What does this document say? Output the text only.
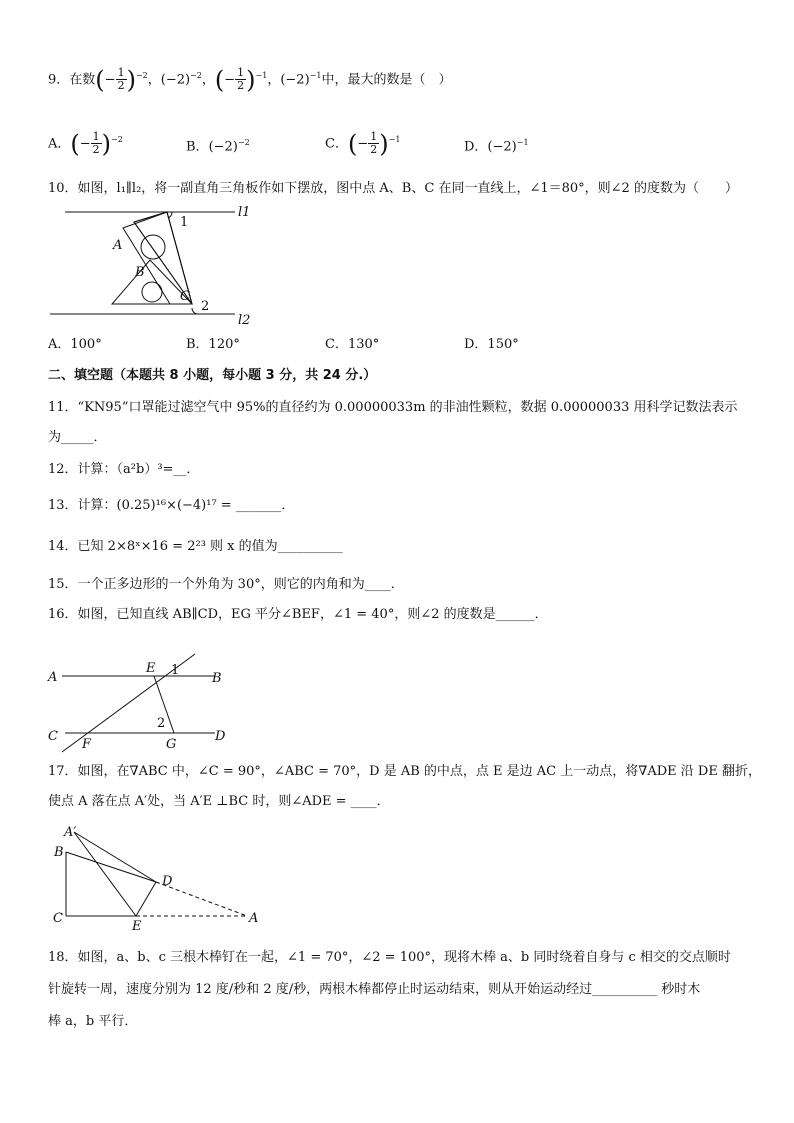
9．在数(− $\frac{1}{2} )^{-2}$，$(-2)^{-2}$，(− $\frac{1}{2} )^{-1}$，$(-2)^{-1}$中，最大的数是（　）
A．(− $\frac{1}{2} )^{-2}$	B．$(-2)^{-2}$	C．(− $\frac{1}{2} )^{-1}$	D．$(-2)^{-1}$
10．如图，l₁∥l₂，将一副直角三角板作如下摆放，图中点 A、B、C 在同一直线上，∠1＝80°，则∠2 的度数为（　　）
l1
l2
A
B
C
1
2
A．100°	B．120°	C．130°	D．150°
二、填空题（本题共 8 小题，每小题 3 分，共 24 分.）
11．“KN95”口罩能过滤空气中 95%的直径约为 0.00000033m 的非油性颗粒，数据 0.00000033 用科学记数法表示
为_____．
12．计算：（a²b）³=__．
13．计算：(0.25)¹⁶×(−4)¹⁷ = _______．
14．已知 2×8ˣ×16 = 2²³ 则 x 的值为__________
15．一个正多边形的一个外角为 30°，则它的内角和为____．
16．如图，已知直线 AB∥CD，EG 平分∠BEF，∠1 = 40°，则∠2 的度数是______．
A	B
C	D
E
F	G
1
2
17．如图，在∇ABC 中，∠C = 90°，∠ABC = 70°，D 是 AB 的中点，点 E 是边 AC 上一动点，将∇ADE 沿 DE 翻折，
使点 A 落在点 A′处，当 A′E ⊥BC 时，则∠ADE = ____．
A′
B
C
D
E
A
18．如图，a、b、c 三根木棒钉在一起，∠1 = 70°，∠2 = 100°，现将木棒 a、b 同时绕着自身与 c 相交的交点顺时
针旋转一周，速度分别为 12 度/秒和 2 度/秒，两根木棒都停止时运动结束，则从开始运动经过__________ 秒时木
棒 a，b 平行．
